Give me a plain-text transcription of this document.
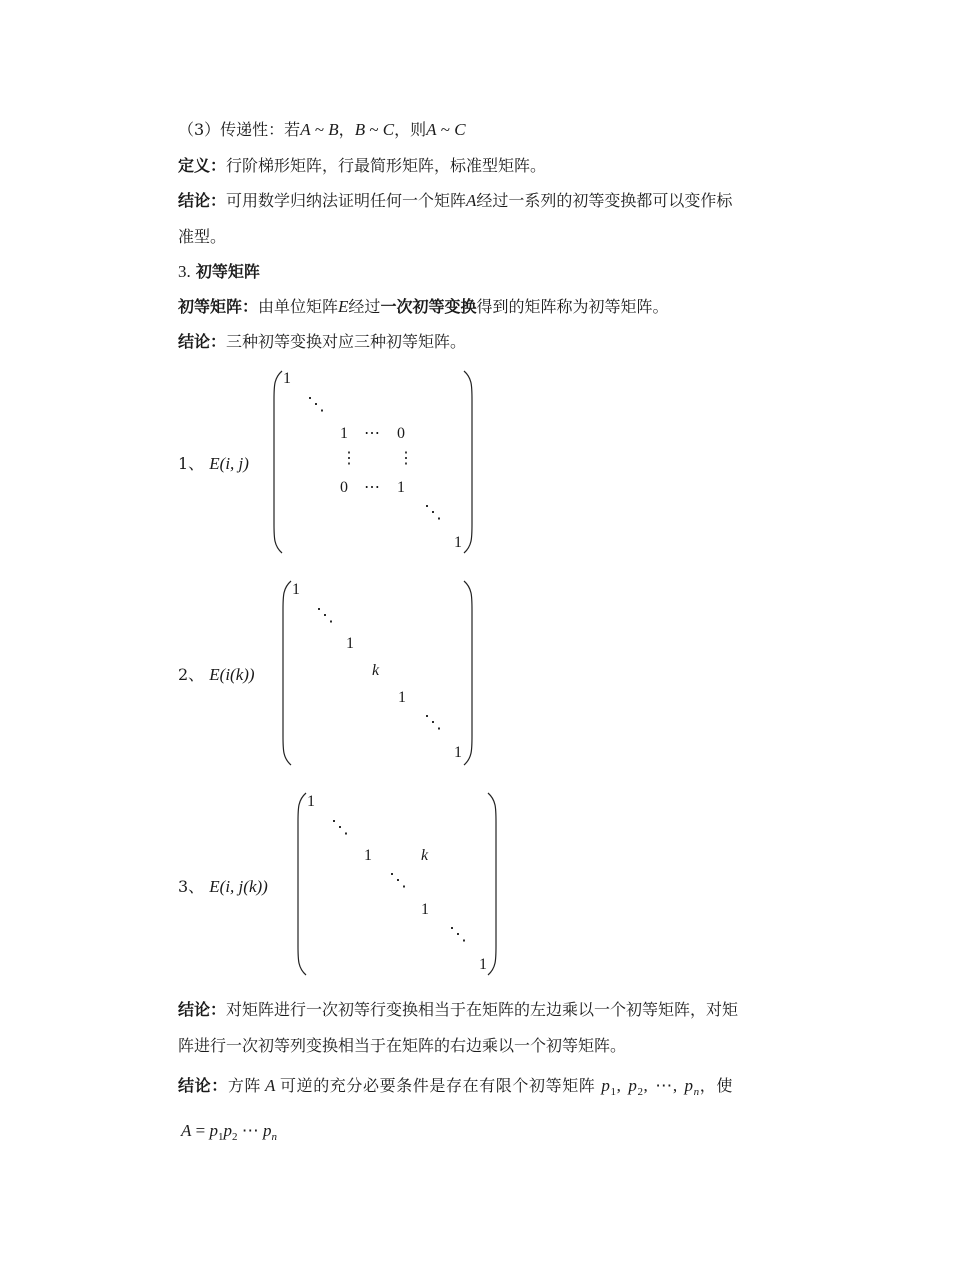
（3）传递性：若A ~ B，B ~ C，则A ~ C
定义：行阶梯形矩阵，行最简形矩阵，标准型矩阵。
结论：可用数学归纳法证明任何一个矩阵A经过一系列的初等变换都可以变作标
准型。
3. 初等矩阵
初等矩阵：由单位矩阵E经过一次初等变换得到的矩阵称为初等矩阵。
结论：三种初等变换对应三种初等矩阵。
1、 E(i, j)
1
⋱
1 ⋯ 0
⋮	⋮
0 ⋯ 1
⋱
1
2、 E(i(k))
1
⋱
1
k
1
⋱
1
3、 E(i, j(k))
1
⋱
1	k
⋱
1
⋱
1
结论：对矩阵进行一次初等行变换相当于在矩阵的左边乘以一个初等矩阵，对矩
阵进行一次初等列变换相当于在矩阵的右边乘以一个初等矩阵。
结论：方阵 A 可逆的充分必要条件是存在有限个初等矩阵 $p_1$, $p_2$, ⋯, $p_n$，使
$A = p_1p_2$ ⋯ $p_n$
